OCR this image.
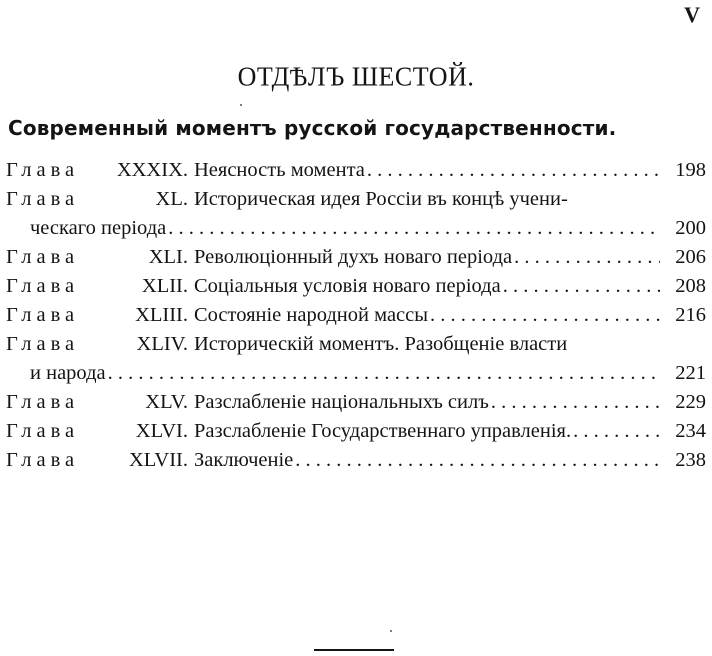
V
ОТДѢЛЪ ШЕСТОЙ.
Современный моментъ русской государственности.
Глава	XXXIX. Неясность момента . . .	198
Глава	XL. Историческая идея Россiи въ концѣ учени-
ческаго перiода . . .	200
Глава	XLI. Революцiонный духъ новаго перiода . . .	206
Глава	XLII. Соцiальныя условiя новаго перiода . . .	208
Глава	XLIII. Состоянiе народной массы . . .	216
Глава	XLIV. Историческiй моментъ. Разобщенiе власти
и народа . . .	221
Глава	XLV. Разслабленiе нацiональныхъ силъ . . .	229
Глава	XLVI. Разслабленiе Государственнаго управленiя. . . .	234
Глава	XLVII. Заключенiе . . .	238
